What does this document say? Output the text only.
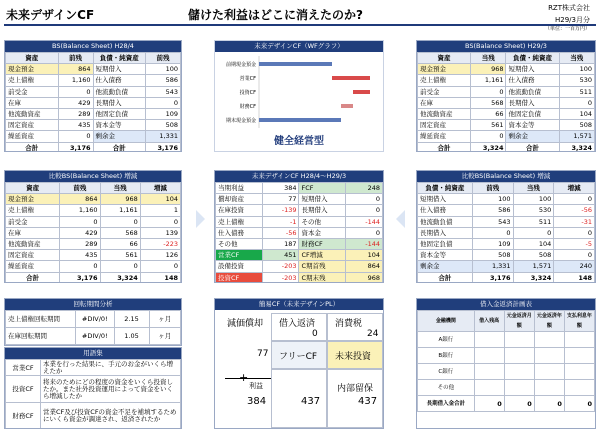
未来デザインCF	儲けた利益はどこに消えたのか?	RZT株式会社
H29/3月分
（単位：一百万円）
BS(Balance Sheet) H28/4
資産	前残	負債・純資産	前残
現金預金	864	短期借入	100
売上債権	1,160	仕入債務	586
前受金	0	他流動負債	543
在庫	429	長期借入	0
他流動資産	289	他固定負債	109
固定資産	435	資本金等	508
繰延資産	0	剰余金	1,331
合計	3,176	合計	3,176
未来デザインCF（WFグラフ）
前期現金預金
営業CF
投資CF
財務CF
期末現金預金
健全経営型
BS(Balance Sheet) H29/3
資産	当残	負債・純資産	当残
現金預金	968	短期借入	100
売上債権	1,161	仕入債務	530
前受金	0	他流動負債	511
在庫	568	長期借入	0
他流動資産	66	他固定負債	104
固定資産	561	資本金等	508
繰延資産	0	剰余金	1,571
合計	3,324	合計	3,324
比較BS(Balance Sheet) 増減
資産	前残	当残	増減
現金預金	864	968	104
売上債権	1,160	1,161	1
前受金	0	0	0
在庫	429	568	139
他流動資産	289	66	-223
固定資産	435	561	126
繰延資産	0	0	0
合計	3,176	3,324	148
未来デザインCF H28/4～H29/3
当期利益	384	FCF	248
償却資産	77	短期借入	0
在庫投資	-139	長期借入	0
売上債権	-1	その他	-144
仕入債務	-56	資本金	0
その他	187	財務CF	-144
営業CF	451	CF増減	104
設備投資	-203	C期首残	864
投資CF	-203	C期末残	968
比較BS(Balance Sheet) 増減
負債・純資産	前残	当残	増減
短期借入	100	100	0
仕入債務	586	530	-56
他流動負債	543	511	-31
長期借入	0	0	0
他固定負債	109	104	-5
資本金等	508	508	0
剰余金	1,331	1,571	240
合計	3,176	3,324	148
回転期間分析
売上債権回転期間	#DIV/0!	2.15	ヶ月
在庫回転期間	#DIV/0!	1.05	ヶ月
用語集
営業CF	本業を行った結果に、手元のお金がいくら増えたか
投資CF	将来のためにどの程度の資金をいくら投資したか。また社外投資運用によって資金をいくら増減したか
財務CF	営業CF及び投資CFの資金不足を補填するためにいくら資金が調達され、返済されたか
簡易CF（未来デザインPL）
減価償却 借入返済 消費税
0	24
77 フリーCF 未来投資
利益	内部留保
384	437	437
借入金返済計画表
金融機関	借入残高	元金返済月額	元金返済年額	支払利息年額
A銀行				
B銀行				
C銀行				
その他				
長期借入金合計	0	0	0	0
